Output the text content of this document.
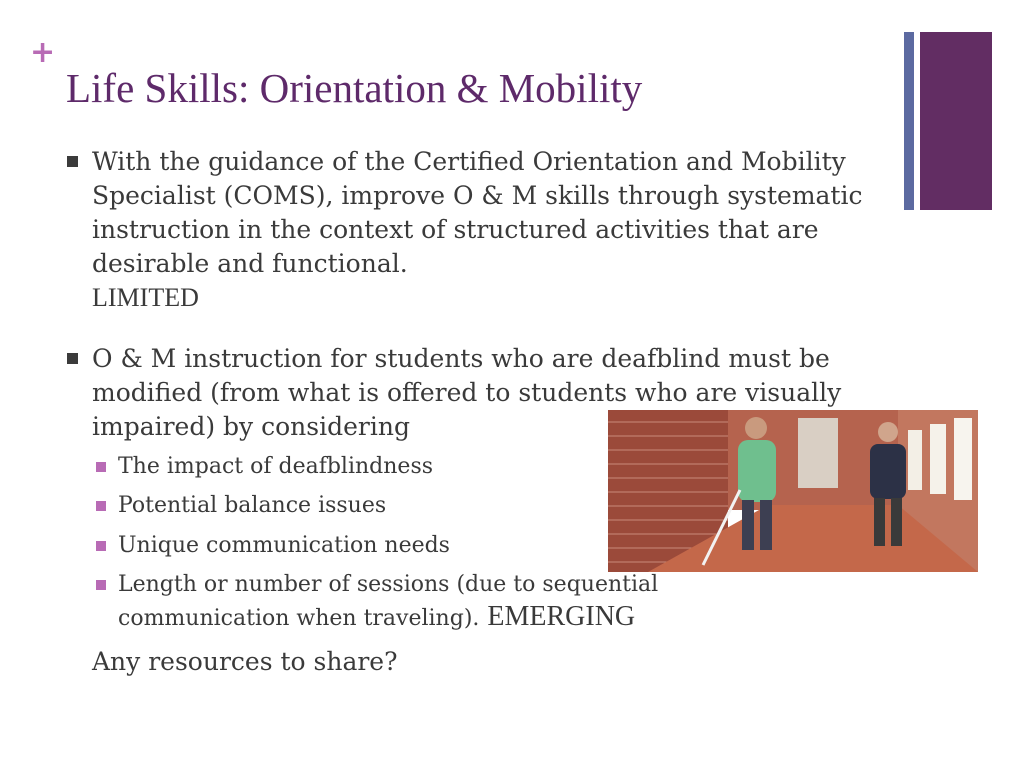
+
Life Skills: Orientation & Mobility
With the guidance of the Certified Orientation and Mobility Specialist (COMS), improve O & M skills through systematic instruction in the context of structured activities that are desirable and functional.
LIMITED
O & M instruction for students who are deafblind must be modified (from what is offered to students who are visually impaired) by considering
The impact of deafblindness
Potential balance issues
Unique communication needs
Length or number of sessions (due to sequential communication when traveling). EMERGING
Any resources to share?
